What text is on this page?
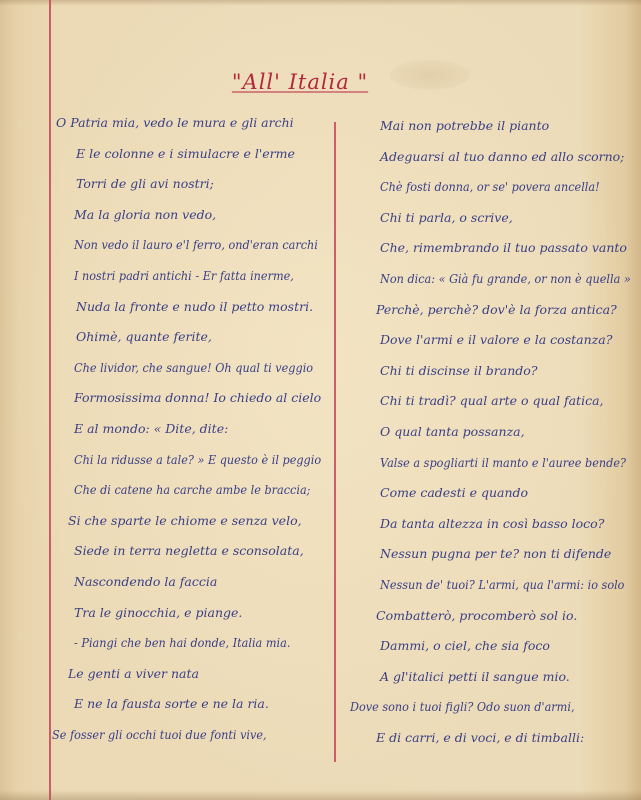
"All' Italia "
O Patria mia, vedo le mura e gli archi
E le colonne e i simulacre e l'erme
Torri de gli avi nostri;
Ma la gloria non vedo,
Non vedo il lauro e'l ferro, ond'eran carchi
I nostri padri antichi - Er fatta inerme,
Nuda la fronte e nudo il petto mostri.
Ohimè, quante ferite,
Che lividor, che sangue! Oh qual ti veggio
Formosissima donna! Io chiedo al cielo
E al mondo: « Dite, dite:
Chi la ridusse a tale? » E questo è il peggio
Che di catene ha carche ambe le braccia;
Si che sparte le chiome e senza velo,
Siede in terra negletta e sconsolata,
Nascondendo la faccia
Tra le ginocchia, e piange.
- Piangi che ben hai donde, Italia mia.
Le genti a viver nata
E ne la fausta sorte e ne la ria.
Se fosser gli occhi tuoi due fonti vive,
Mai non potrebbe il pianto
Adeguarsi al tuo danno ed allo scorno;
Chè fosti donna, or se' povera ancella!
Chi ti parla, o scrive,
Che, rimembrando il tuo passato vanto
Non dica: « Già fu grande, or non è quella »
Perchè, perchè? dov'è la forza antica?
Dove l'armi e il valore e la costanza?
Chi ti discinse il brando?
Chi ti tradì? qual arte o qual fatica,
O qual tanta possanza,
Valse a spogliarti il manto e l'auree bende?
Come cadesti e quando
Da tanta altezza in così basso loco?
Nessun pugna per te? non ti difende
Nessun de' tuoi? L'armi, qua l'armi: io solo
Combatterò, procomberò sol io.
Dammi, o ciel, che sia foco
A gl'italici petti il sangue mio.
Dove sono i tuoi figli? Odo suon d'armi,
E di carri, e di voci, e di timballi:
